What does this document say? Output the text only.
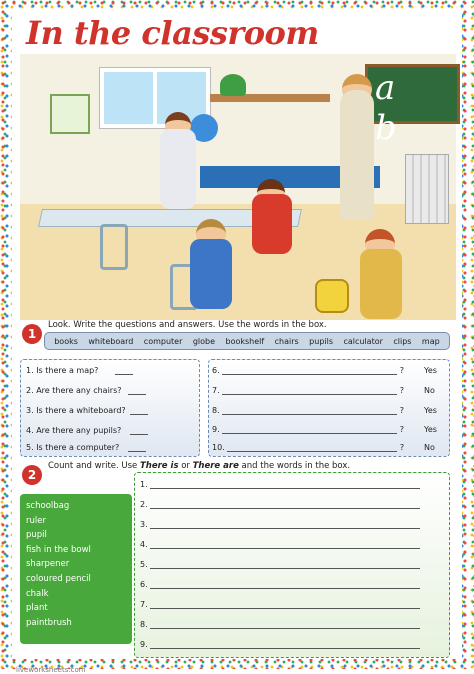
In the classroom
a b
1
Look. Write the questions and answers. Use the words in the box.
books whiteboard computer globe bookshelf chairs pupils calculator clips map
1. Is there a map?
2. Are there any chairs?
3. Is there a whiteboard?
4. Are there any pupils?
5. Is there a computer?
6.	?	Yes
7.	?	No
8.	?	Yes
9.	?	Yes
10.	? No
2
Count and write. Use There is or There are and the words in the box.
schoolbag
ruler
pupil
fish in the bowl
sharpener
coloured pencil
chalk
plant
paintbrush
1.
2.
3.
4.
5.
6.
7.
8.
9.
liveworksheets.com
